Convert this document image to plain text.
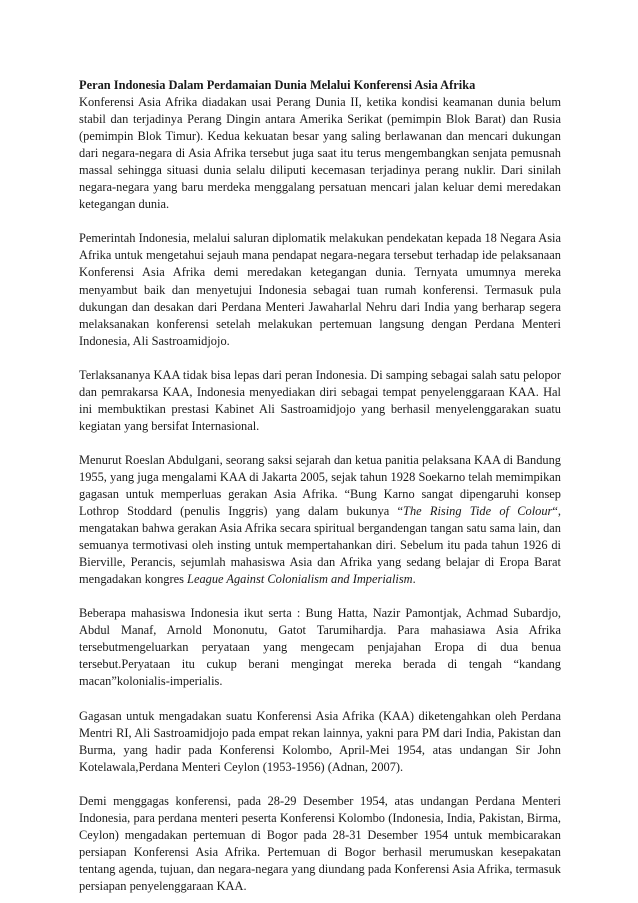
Peran Indonesia Dalam Perdamaian Dunia Melalui Konferensi Asia Afrika

Konferensi Asia Afrika diadakan usai Perang Dunia II, ketika kondisi keamanan dunia belum stabil dan terjadinya Perang Dingin antara Amerika Serikat (pemimpin Blok Barat) dan Rusia (pemimpin Blok Timur). Kedua kekuatan besar yang saling berlawanan dan mencari dukungan dari negara-negara di Asia Afrika tersebut juga saat itu terus mengembangkan senjata pemusnah massal sehingga situasi dunia selalu diliputi kecemasan terjadinya perang nuklir. Dari sinilah negara-negara yang baru merdeka menggalang persatuan mencari jalan keluar demi meredakan ketegangan dunia.

Pemerintah Indonesia, melalui saluran diplomatik melakukan pendekatan kepada 18 Negara Asia Afrika untuk mengetahui sejauh mana pendapat negara-negara tersebut terhadap ide pelaksanaan Konferensi Asia Afrika demi meredakan ketegangan dunia. Ternyata umumnya mereka menyambut baik dan menyetujui Indonesia sebagai tuan rumah konferensi. Termasuk pula dukungan dan desakan dari Perdana Menteri Jawaharlal Nehru dari India yang berharap segera melaksanakan konferensi setelah melakukan pertemuan langsung dengan Perdana Menteri Indonesia, Ali Sastroamidjojo.

Terlaksananya KAA tidak bisa lepas dari peran Indonesia. Di samping sebagai salah satu pelopor dan pemrakarsa KAA, Indonesia menyediakan diri sebagai tempat penyelenggaraan KAA. Hal ini membuktikan prestasi Kabinet Ali Sastroamidjojo yang berhasil menyelenggarakan suatu kegiatan yang bersifat Internasional.

Menurut Roeslan Abdulgani, seorang saksi sejarah dan ketua panitia pelaksana KAA di Bandung 1955, yang juga mengalami KAA di Jakarta 2005, sejak tahun 1928 Soekarno telah memimpikan gagasan untuk memperluas gerakan Asia Afrika. “Bung Karno sangat dipengaruhi konsep Lothrop Stoddard (penulis Inggris) yang dalam bukunya “The Rising Tide of Colour“, mengatakan bahwa gerakan Asia Afrika secara spiritual bergandengan tangan satu sama lain, dan semuanya termotivasi oleh insting untuk mempertahankan diri. Sebelum itu pada tahun 1926 di Bierville, Perancis, sejumlah mahasiswa Asia dan Afrika yang sedang belajar di Eropa Barat mengadakan kongres League Against Colonialism and Imperialism.

Beberapa mahasiswa Indonesia ikut serta : Bung Hatta, Nazir Pamontjak, Achmad Subardjo, Abdul Manaf, Arnold Mononutu, Gatot Tarumihardja. Para mahasiawa Asia Afrika tersebutmengeluarkan peryataan yang mengecam penjajahan Eropa di dua benua tersebut.Peryataan itu cukup berani mengingat mereka berada di tengah “kandang macan”kolonialis-imperialis.

Gagasan untuk mengadakan suatu Konferensi Asia Afrika (KAA) diketengahkan oleh Perdana Mentri RI, Ali Sastroamidjojo pada empat rekan lainnya, yakni para PM dari India, Pakistan dan Burma, yang hadir pada Konferensi Kolombo, April-Mei 1954, atas undangan Sir John Kotelawala,Perdana Menteri Ceylon (1953-1956) (Adnan, 2007).

Demi menggagas konferensi, pada 28-29 Desember 1954, atas undangan Perdana Menteri Indonesia, para perdana menteri peserta Konferensi Kolombo (Indonesia, India, Pakistan, Birma, Ceylon) mengadakan pertemuan di Bogor pada 28-31 Desember 1954 untuk membicarakan persiapan Konferensi Asia Afrika. Pertemuan di Bogor berhasil merumuskan kesepakatan tentang agenda, tujuan, dan negara-negara yang diundang pada Konferensi Asia Afrika, termasuk persiapan penyelenggaraan KAA.
